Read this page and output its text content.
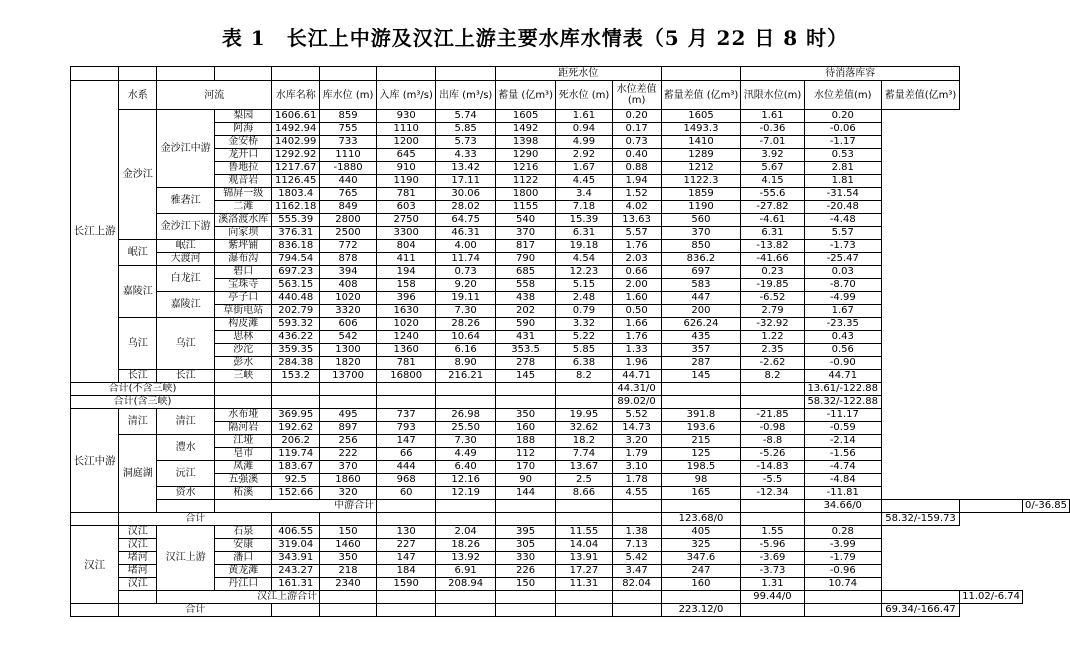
表 1　长江上中游及汉江上游主要水库水情表（5 月 22 日 8 时）
								距死水位				待消落库容				
长江上游	水系	河流		水库名称	库水位 (m)	入库 (m³/s)	出库 (m³/s)	蓄量 (亿m³)	死水位 (m)	水位差值 (m)	蓄量差值 (亿m³)	汛限水位(m)	水位差值(m)	蓄量差值(亿m³)		
	金沙江	金沙江中游	梨园	1606.61	859	930	5.74	1605	1.61	0.20	1605	1.61	0.20			
			阿海	1492.94	755	1110	5.85	1492	0.94	0.17	1493.3	-0.36	-0.06			
			金安桥	1402.99	733	1200	5.73	1398	4.99	0.73	1410	-7.01	-1.17			
			龙开口	1292.92	1110	645	4.33	1290	2.92	0.40	1289	3.92	0.53			
			鲁地拉	1217.67	-1880	910	13.42	1216	1.67	0.88	1212	5.67	2.81			
			观音岩	1126.45	440	1190	17.11	1122	4.45	1.94	1122.3	4.15	1.81			
		雅砻江	锦屏一级	1803.4	765	781	30.06	1800	3.4	1.52	1859	-55.6	-31.54			
			二滩	1162.18	849	603	28.02	1155	7.18	4.02	1190	-27.82	-20.48			
		金沙江下游	溪洛渡水库	555.39	2800	2750	64.75	540	15.39	13.63	560	-4.61	-4.48			
			向家坝	376.31	2500	3300	46.31	370	6.31	5.57	370	6.31	5.57			
	岷江	岷江	紫坪铺	836.18	772	804	4.00	817	19.18	1.76	850	-13.82	-1.73			
		大渡河	瀑布沟	794.54	878	411	11.74	790	4.54	2.03	836.2	-41.66	-25.47			
	嘉陵江	白龙江	碧口	697.23	394	194	0.73	685	12.23	0.66	697	0.23	0.03			
			宝珠寺	563.15	408	158	9.20	558	5.15	2.00	583	-19.85	-8.70			
		嘉陵江	亭子口	440.48	1020	396	19.11	438	2.48	1.60	447	-6.52	-4.99			
			草街电站	202.79	3320	1630	7.30	202	0.79	0.50	200	2.79	1.67			
	乌江	乌江	构皮滩	593.32	606	1020	28.26	590	3.32	1.66	626.24	-32.92	-23.35			
			思林	436.22	542	1240	10.64	431	5.22	1.76	435	1.22	0.43			
			沙沱	359.35	1300	1360	6.16	353.5	5.85	1.33	357	2.35	0.56			
			彭水	284.38	1820	781	8.90	278	6.38	1.96	287	-2.62	-0.90			
	长江	长江	三峡	153.2	13700	16800	216.21	145	8.2	44.71	145	8.2	44.71			
合计(不含三峡)										44.31/0			13.61/-122.88			
合计(含三峡)										89.02/0			58.32/-122.88			
长江中游	清江	清江	水布垭	369.95	495	737	26.98	350	19.95	5.52	391.8	-21.85	-11.17			
			隔河岩	192.62	897	793	25.50	160	32.62	14.73	193.6	-0.98	-0.59			
	洞庭湖	澧水	江垭	206.2	256	147	7.30	188	18.2	3.20	215	-8.8	-2.14			
			皂市	119.74	222	66	4.49	112	7.74	1.79	125	-5.26	-1.56			
		沅江	凤滩	183.67	370	444	6.40	170	13.67	3.10	198.5	-14.83	-4.74			
			五强溪	92.5	1860	968	12.16	90	2.5	1.78	98	-5.5	-4.84			
		资水	柘溪	152.66	320	60	12.19	144	8.66	4.55	165	-12.34	-11.81			
			中游合计										34.66/0			0/-36.85
	合计										123.68/0			58.32/-159.73		
汉江	汉江	汉江上游	石泉	406.55	150	130	2.04	395	11.55	1.38	405	1.55	0.28			
	汉江		安康	319.04	1460	227	18.26	305	14.04	7.13	325	-5.96	-3.99			
	堵河		潘口	343.91	350	147	13.92	330	13.91	5.42	347.6	-3.69	-1.79			
	堵河		黄龙滩	243.27	218	184	6.91	226	17.27	3.47	247	-3.73	-0.96			
	汉江		丹江口	161.31	2340	1590	208.94	150	11.31	82.04	160	1.31	10.74			
		汉江上游合计										99.44/0			11.02/-6.74	
	合计										223.12/0			69.34/-166.47		
